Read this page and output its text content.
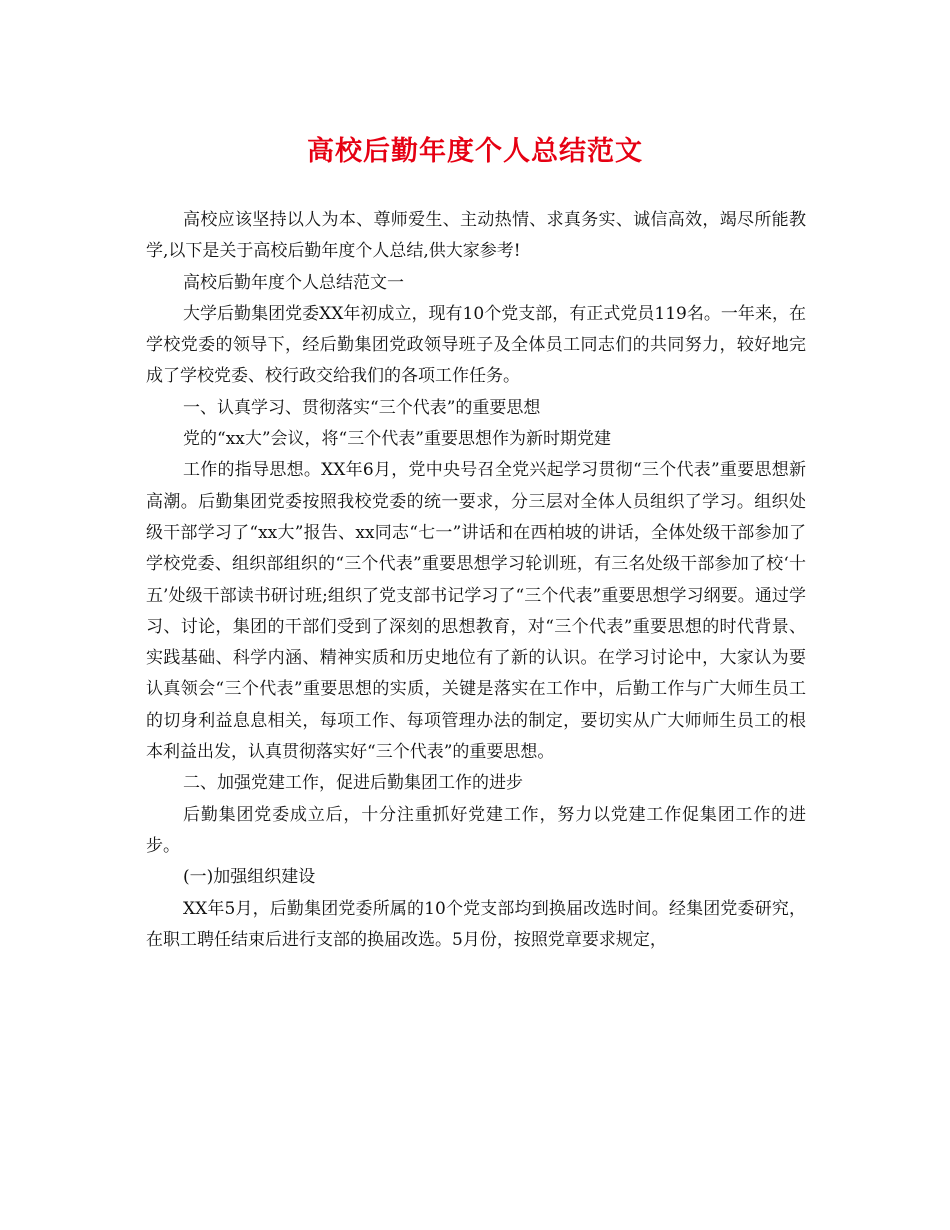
高校后勤年度个人总结范文

高校应该坚持以人为本、尊师爱生、主动热情、求真务实、诚信高效，竭尽所能教学,以下是关于高校后勤年度个人总结,供大家参考!

高校后勤年度个人总结范文一

大学后勤集团党委XX年初成立，现有10个党支部，有正式党员119名。一年来，在学校党委的领导下，经后勤集团党政领导班子及全体员工同志们的共同努力，较好地完成了学校党委、校行政交给我们的各项工作任务。

一、认真学习、贯彻落实“三个代表”的重要思想

党的“xx大”会议，将“三个代表”重要思想作为新时期党建

工作的指导思想。XX年6月，党中央号召全党兴起学习贯彻“三个代表”重要思想新高潮。后勤集团党委按照我校党委的统一要求，分三层对全体人员组织了学习。组织处级干部学习了“xx大”报告、xx同志“七一”讲话和在西柏坡的讲话，全体处级干部参加了学校党委、组织部组织的“三个代表”重要思想学习轮训班，有三名处级干部参加了校‘十五’处级干部读书研讨班;组织了党支部书记学习了“三个代表”重要思想学习纲要。通过学习、讨论，集团的干部们受到了深刻的思想教育，对“三个代表”重要思想的时代背景、实践基础、科学内涵、精神实质和历史地位有了新的认识。在学习讨论中，大家认为要认真领会“三个代表”重要思想的实质，关键是落实在工作中，后勤工作与广大师生员工的切身利益息息相关，每项工作、每项管理办法的制定，要切实从广大师师生员工的根本利益出发，认真贯彻落实好“三个代表”的重要思想。

二、加强党建工作，促进后勤集团工作的进步

后勤集团党委成立后，十分注重抓好党建工作，努力以党建工作促集团工作的进步。

(一)加强组织建设

XX年5月，后勤集团党委所属的10个党支部均到换届改选时间。经集团党委研究，在职工聘任结束后进行支部的换届改选。5月份，按照党章要求规定，
